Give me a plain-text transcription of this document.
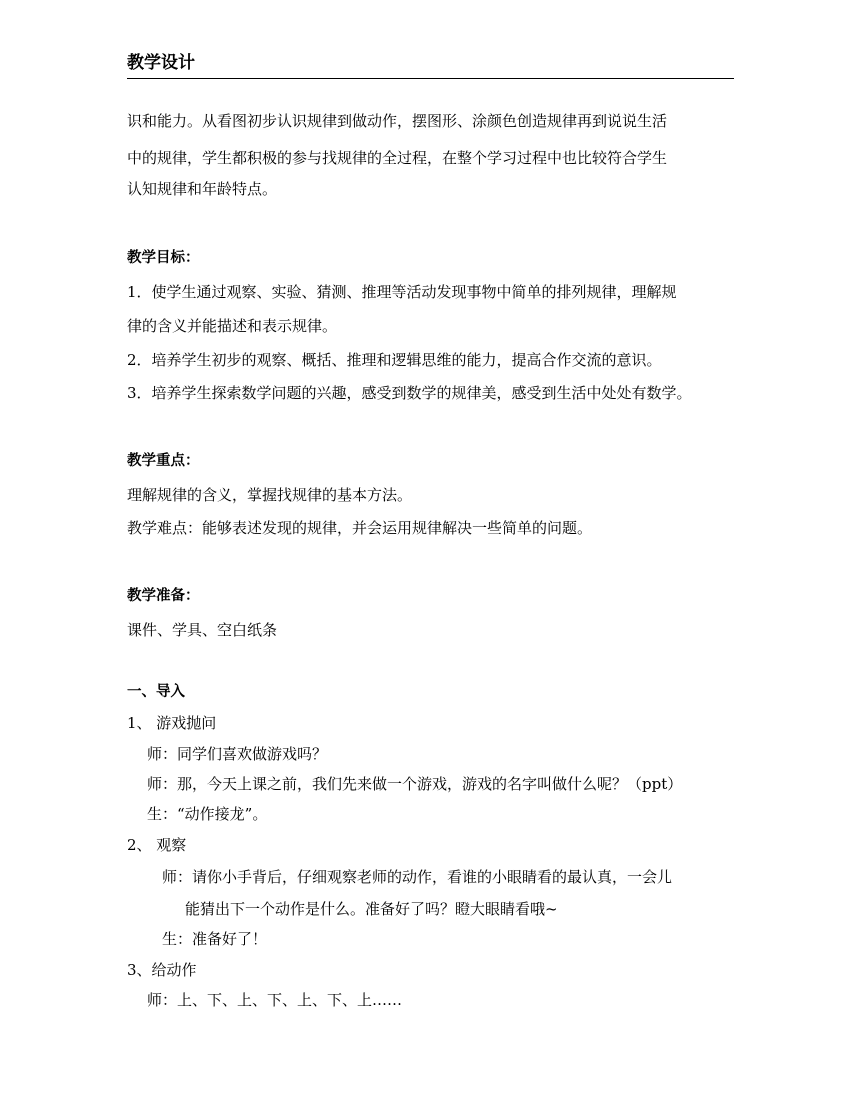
教学设计
识和能力。从看图初步认识规律到做动作，摆图形、涂颜色创造规律再到说说生活
中的规律，学生都积极的参与找规律的全过程，在整个学习过程中也比较符合学生
认知规律和年龄特点。
教学目标：
1．使学生通过观察、实验、猜测、推理等活动发现事物中简单的排列规律，理解规
律的含义并能描述和表示规律。
2．培养学生初步的观察、概括、推理和逻辑思维的能力，提高合作交流的意识。
3．培养学生探索数学问题的兴趣，感受到数学的规律美，感受到生活中处处有数学。
教学重点：
理解规律的含义，掌握找规律的基本方法。
教学难点：能够表述发现的规律，并会运用规律解决一些简单的问题。
教学准备：
课件、学具、空白纸条
一、导入
1、 游戏抛问
师：同学们喜欢做游戏吗？
师：那，今天上课之前，我们先来做一个游戏，游戏的名字叫做什么呢？（ppt）
生：“动作接龙”。
2、 观察
师：请你小手背后，仔细观察老师的动作，看谁的小眼睛看的最认真，一会儿
能猜出下一个动作是什么。准备好了吗？瞪大眼睛看哦~
生：准备好了！
3、给动作
师：上、下、上、下、上、下、上……
